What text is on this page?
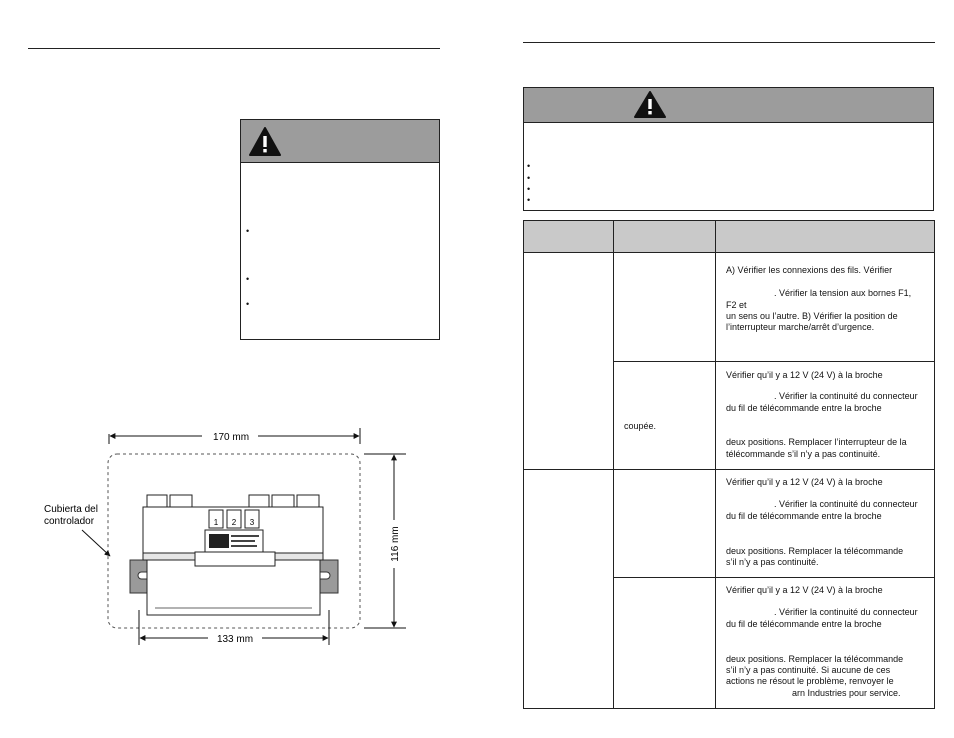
•
•
•
170 mm
1 2 3
Cubierta del
controlador
116 mm
133 mm
•
•
•
•
A) Vérifier les connexions des fils. Vérifier
. Vérifier la tension aux bornes F1,
F2 et
un sens ou l’autre. B) Vérifier la position de
l’interrupteur marche/arrêt d’urgence.
Vérifier qu’il y a 12 V (24 V) à la broche
. Vérifier la continuité du connecteur
du fil de télécommande entre la broche
deux positions. Remplacer l’interrupteur de la
télécommande s’il n’y a pas continuité.
coupée.
Vérifier qu’il y a 12 V (24 V) à la broche
. Vérifier la continuité du connecteur
du fil de télécommande entre la broche
deux positions. Remplacer la télécommande
s’il n’y a pas continuité.
Vérifier qu’il y a 12 V (24 V) à la broche
. Vérifier la continuité du connecteur
du fil de télécommande entre la broche
deux positions. Remplacer la télécommande
s’il n’y a pas continuité. Si aucune de ces
actions ne résout le problème, renvoyer le
arn Industries pour service.
